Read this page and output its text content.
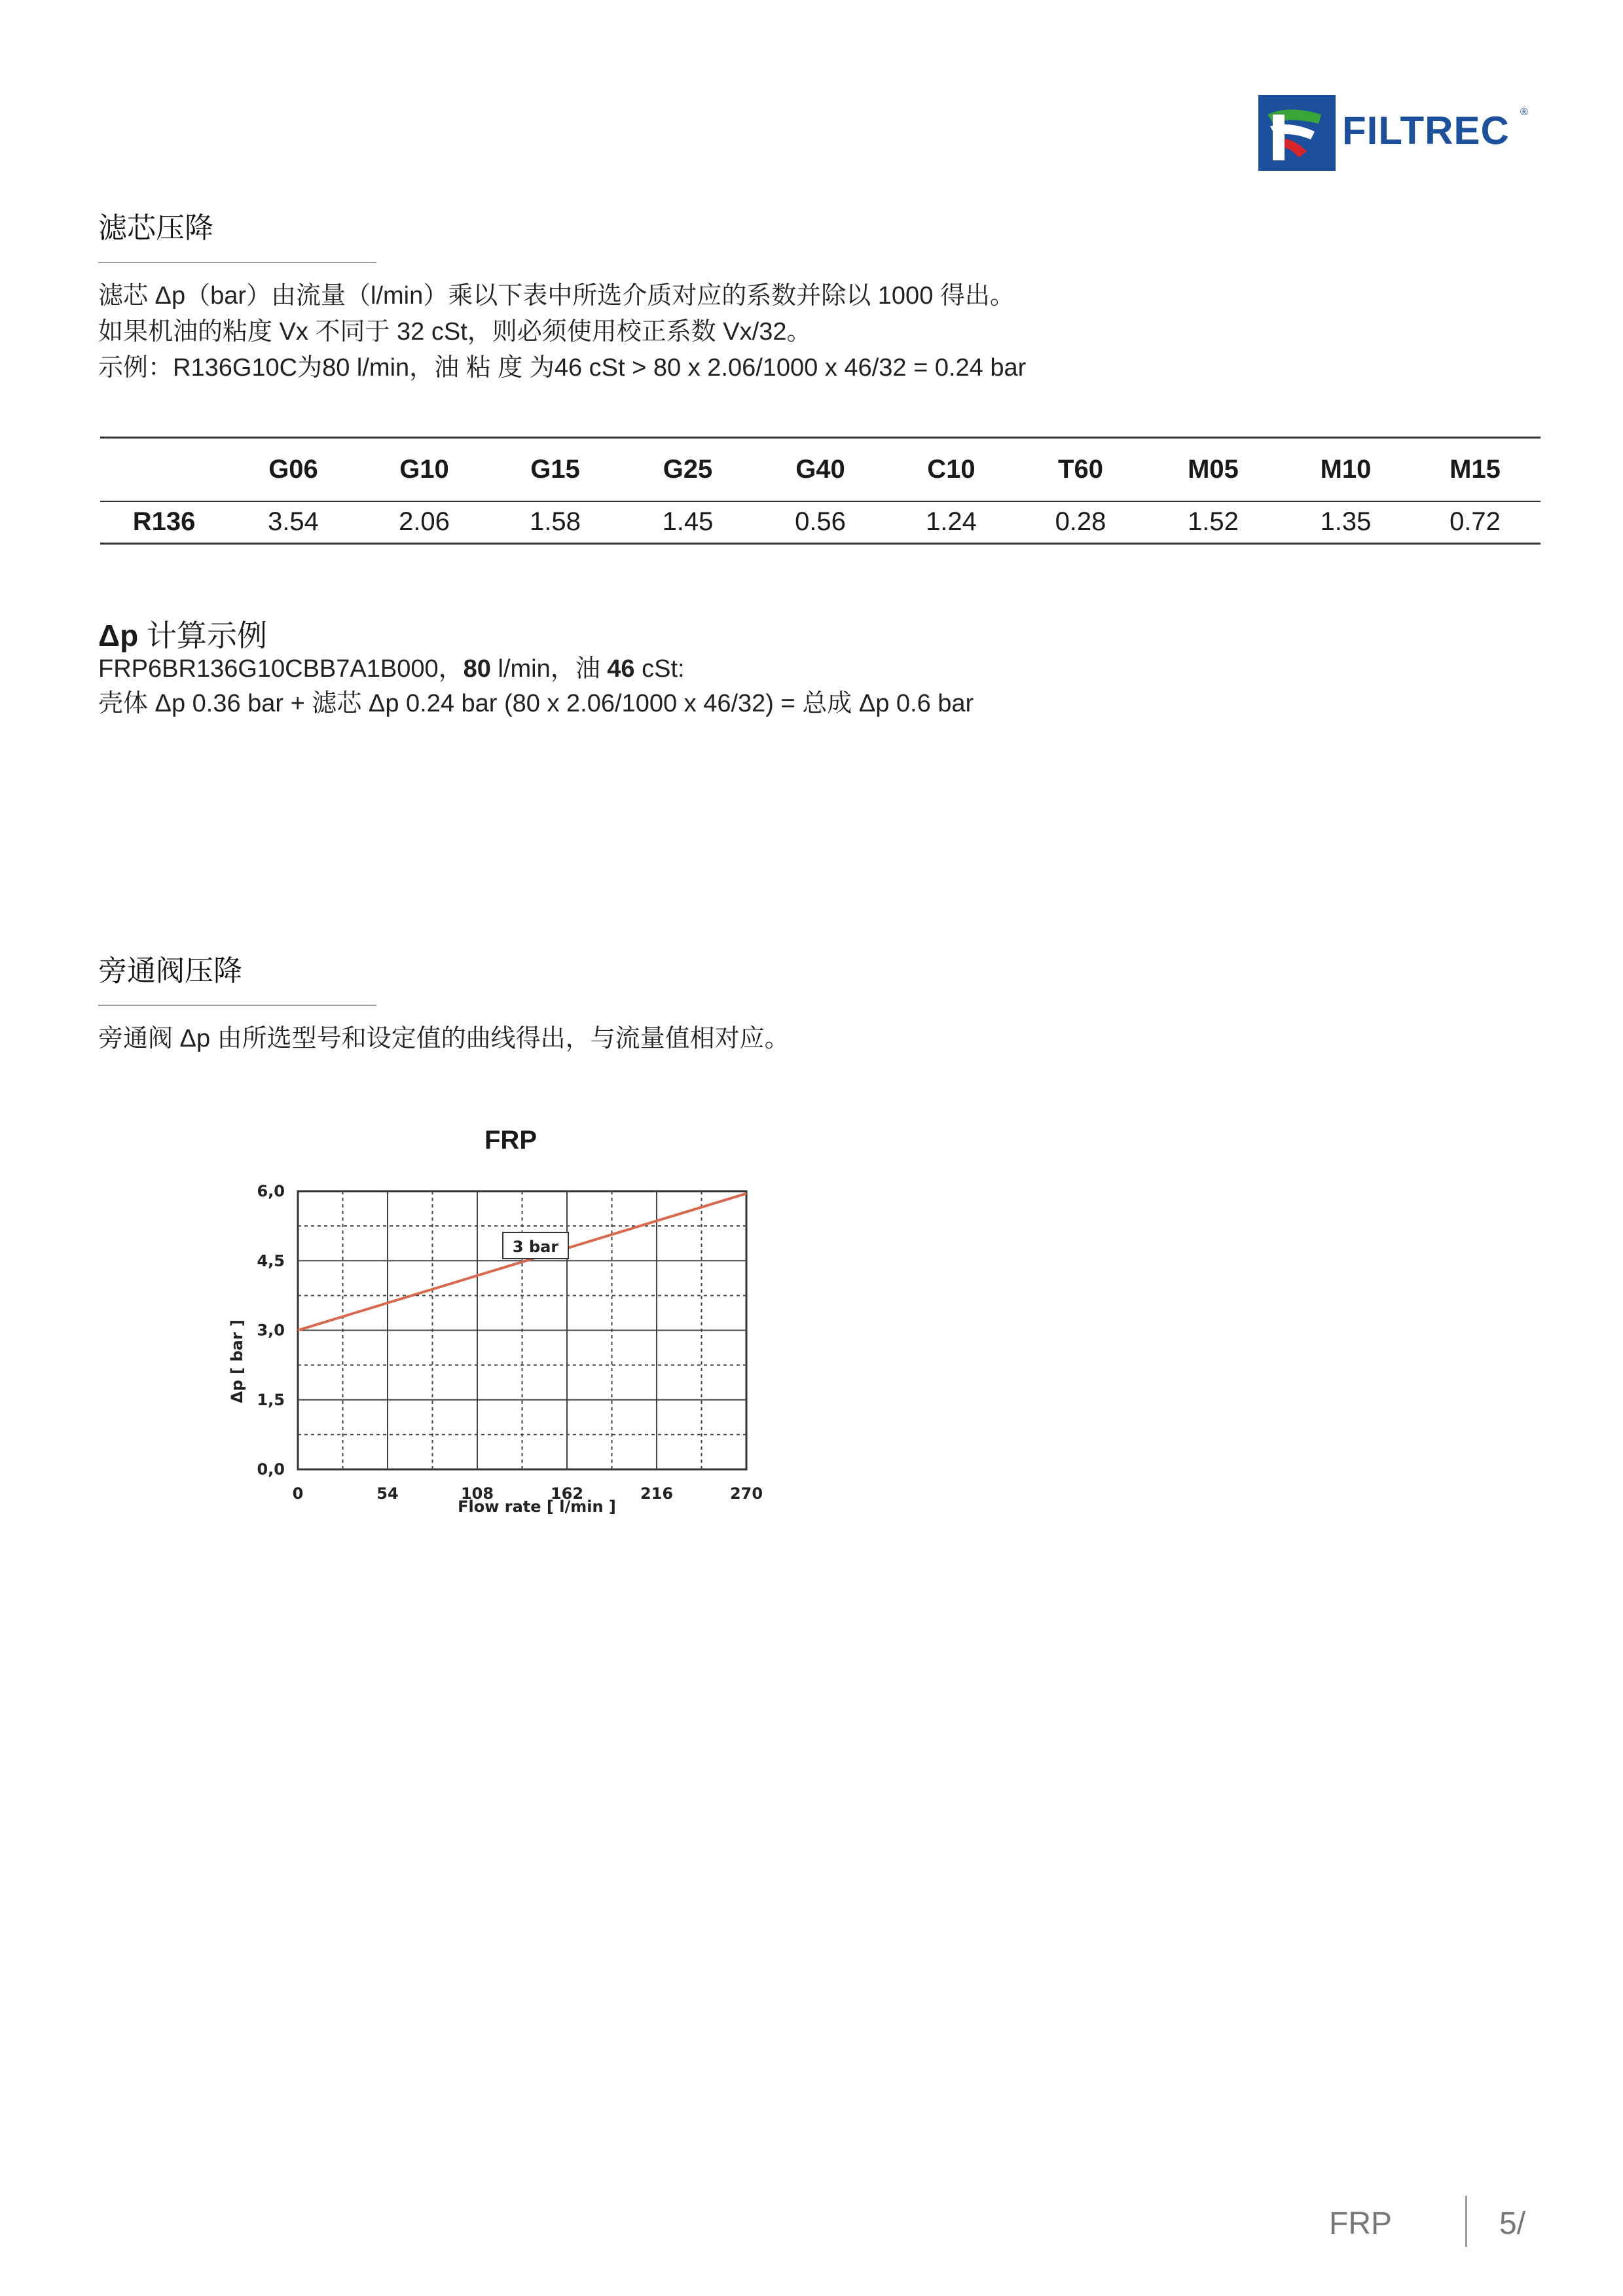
FILTREC ®
滤芯压降
滤芯 Δp（bar）由流量（l/min）乘以下表中所选介质对应的系数并除以 1000 得出。
如果机油的粘度 Vx 不同于 32 cSt，则必须使用校正系数 Vx/32。
示例：R136G10C为80 l/min，油 粘 度 为46 cSt > 80 x 2.06/1000 x 46/32 = 0.24 bar
	G06	G10	G15	G25	G40	C10	T60	M05	M10	M15
R136	3.54	2.06	1.58	1.45	0.56	1.24	0.28	1.52	1.35	0.72
Δp 计算示例
FRP6BR136G10CBB7A1B000，80 l/min，油 46 cSt:
壳体 Δp 0.36 bar + 滤芯 Δp 0.24 bar (80 x 2.06/1000 x 46/32) = 总成 Δp 0.6 bar
旁通阀压降
旁通阀 Δp 由所选型号和设定值的曲线得出，与流量值相对应。
FRP
0	54	108	162	216	270
0,0
1,5
3,0
4,5
6,0
3 bar
Δp [ bar ]
Flow rate [ l/min ]
FRP	5/
